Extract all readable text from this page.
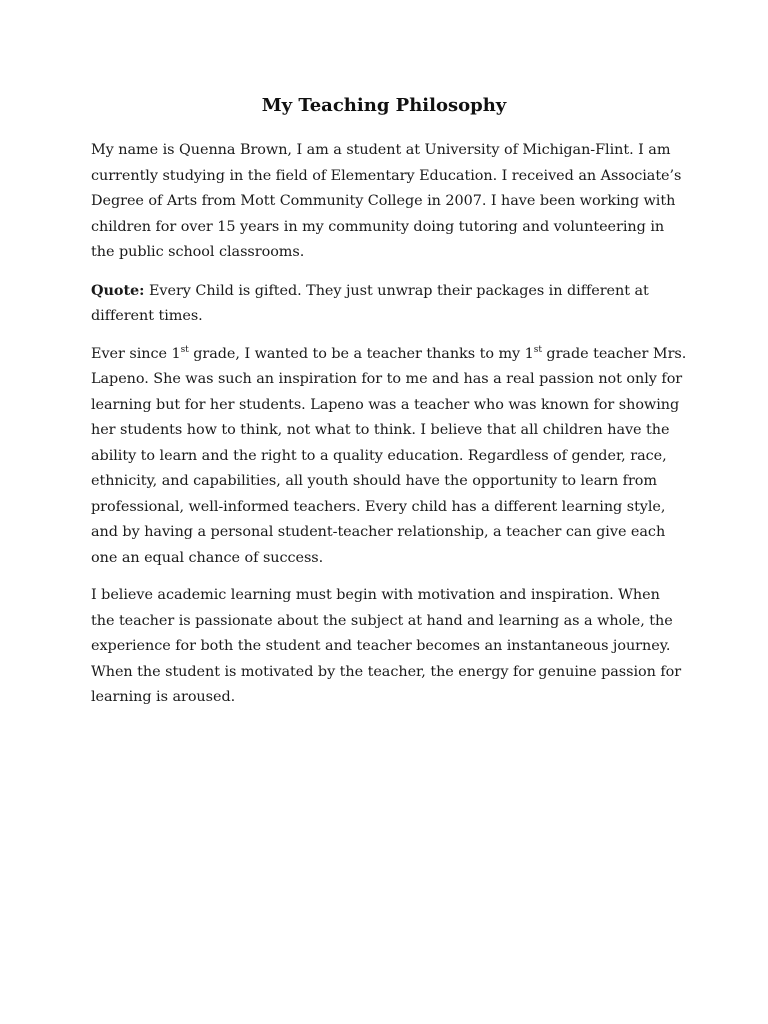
My Teaching Philosophy

My name is Quenna Brown, I am a student at University of Michigan-Flint. I am
currently studying in the field of Elementary Education. I received an Associate’s
Degree of Arts from Mott Community College in 2007. I have been working with
children for over 15 years in my community doing tutoring and volunteering in
the public school classrooms.

Quote: Every Child is gifted. They just unwrap their packages in different at
different times.

Ever since 1st grade, I wanted to be a teacher thanks to my 1st grade teacher Mrs.
Lapeno. She was such an inspiration for to me and has a real passion not only for
learning but for her students. Lapeno was a teacher who was known for showing
her students how to think, not what to think. I believe that all children have the
ability to learn and the right to a quality education. Regardless of gender, race,
ethnicity, and capabilities, all youth should have the opportunity to learn from
professional, well-informed teachers. Every child has a different learning style,
and by having a personal student-teacher relationship, a teacher can give each
one an equal chance of success.

I believe academic learning must begin with motivation and inspiration. When
the teacher is passionate about the subject at hand and learning as a whole, the
experience for both the student and teacher becomes an instantaneous journey.
When the student is motivated by the teacher, the energy for genuine passion for
learning is aroused.
